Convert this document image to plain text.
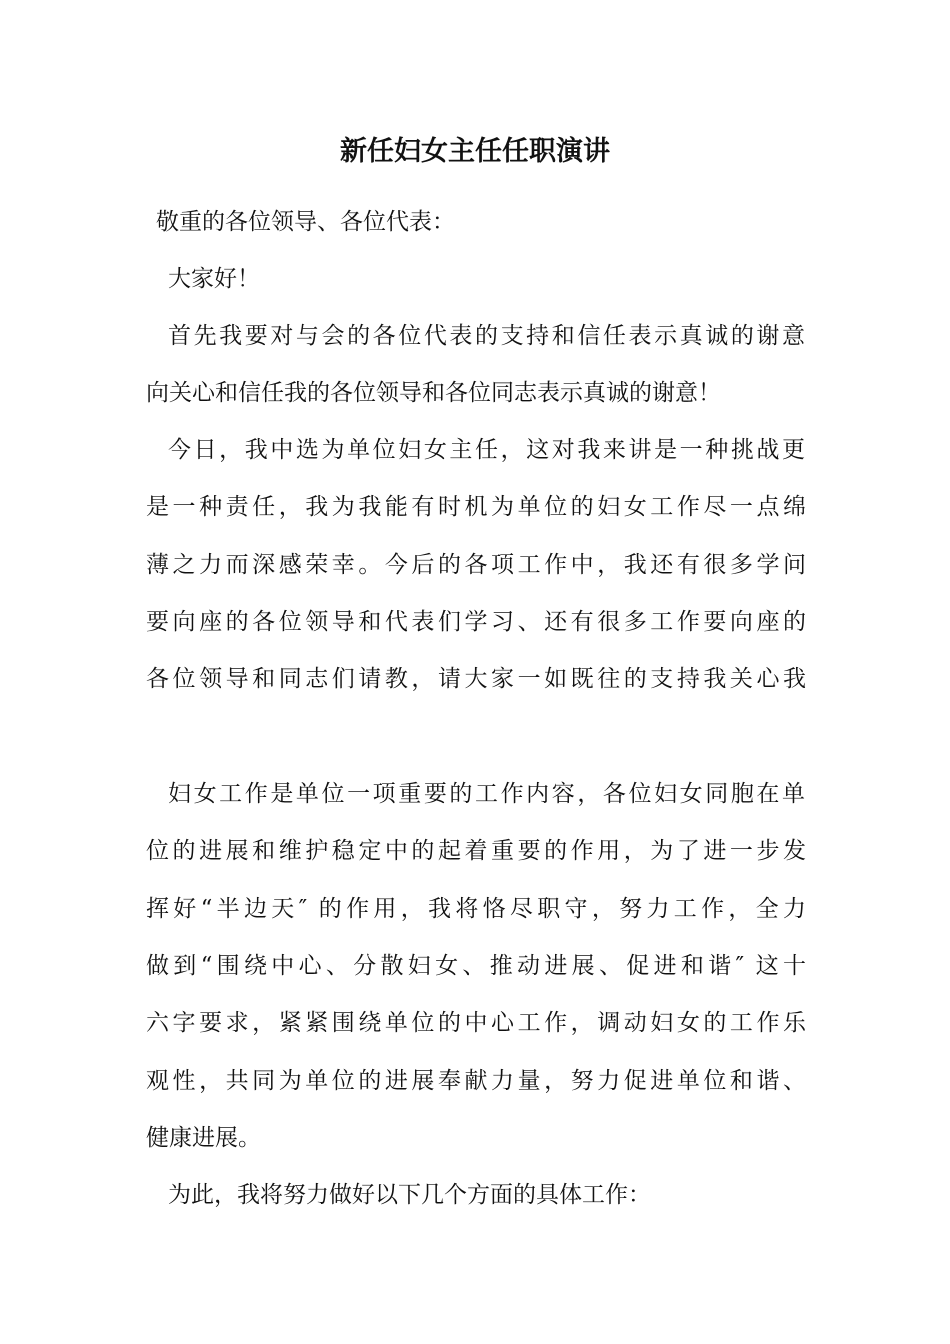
新任妇女主任任职演讲
敬重的各位领导、各位代表：
大家好！
首先我要对与会的各位代表的支持和信任表示真诚的谢意
向关心和信任我的各位领导和各位同志表示真诚的谢意！
今日，我中选为单位妇女主任，这对我来讲是一种挑战更
是一种责任，我为我能有时机为单位的妇女工作尽一点绵
薄之力而深感荣幸。今后的各项工作中，我还有很多学问
要向座的各位领导和代表们学习、还有很多工作要向座的
各位领导和同志们请教，请大家一如既往的支持我关心我
妇女工作是单位一项重要的工作内容，各位妇女同胞在单
位的进展和维护稳定中的起着重要的作用，为了进一步发
挥好“半边天″ 的作用，我将恪尽职守，努力工作，全力
做到“围绕中心、分散妇女、推动进展、促进和谐″ 这十
六字要求，紧紧围绕单位的中心工作，调动妇女的工作乐
观性，共同为单位的进展奉献力量，努力促进单位和谐、
健康进展。
为此，我将努力做好以下几个方面的具体工作：
